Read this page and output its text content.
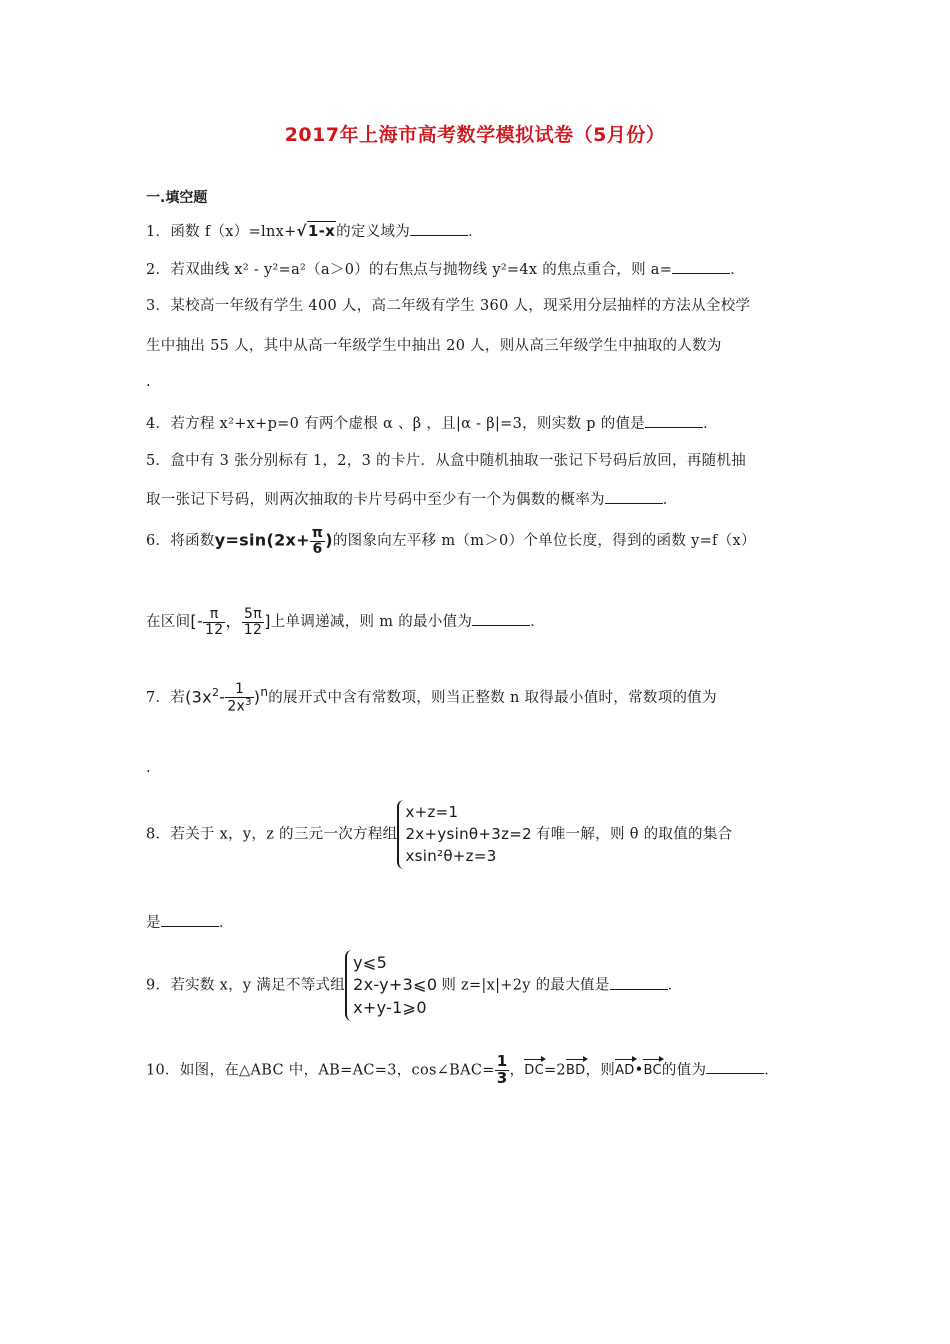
2017年上海市高考数学模拟试卷（5月份）
一.填空题
1．函数 f（x）=lnx+√1-x的定义域为	．
2．若双曲线 x² - y²=a²（a＞0）的右焦点与抛物线 y²=4x 的焦点重合，则 a=	．
3．某校高一年级有学生 400 人，高二年级有学生 360 人，现采用分层抽样的方法从全校学
生中抽出 55 人，其中从高一年级学生中抽出 20 人，则从高三年级学生中抽取的人数为
.
4．若方程 x²+x+p=0 有两个虚根 α 、β ，且|α - β|=3，则实数 p 的值是	．
5．盒中有 3 张分别标有 1，2，3 的卡片．从盒中随机抽取一张记下号码后放回，再随机抽
取一张记下号码，则两次抽取的卡片号码中至少有一个为偶数的概率为	．
6．将函数$y=\sin(2x+ \frac{\pi}{6}$ )的图象向左平移 m（m＞0）个单位长度，得到的函数 y=f（x）
在区间[- $\frac{\pi}{12}$ ， $\frac{5\pi}{12}$ ]上单调递减，则 m 的最小值为	．
7．若$(3x^2- \frac{1}{2x^3} )^n$的展开式中含有常数项，则当正整数 n 取得最小值时，常数项的值为
.
8．若关于 x，y，z 的三元一次方程组
x+z=1
2x+ysinθ+3z=2
xsin²θ+z=3
有唯一解，则 θ 的取值的集合
是	．
9．若实数 x，y 满足不等式组
y⩽5
2x-y+3⩽0
x+y-1⩾0
则 z=|x|+2y 的最大值是	．
10．如图，在△ABC 中，AB=AC=3，cos∠BAC= $\frac{1}{3}$ ，DC=2BD，则AD•BC的值为	．
